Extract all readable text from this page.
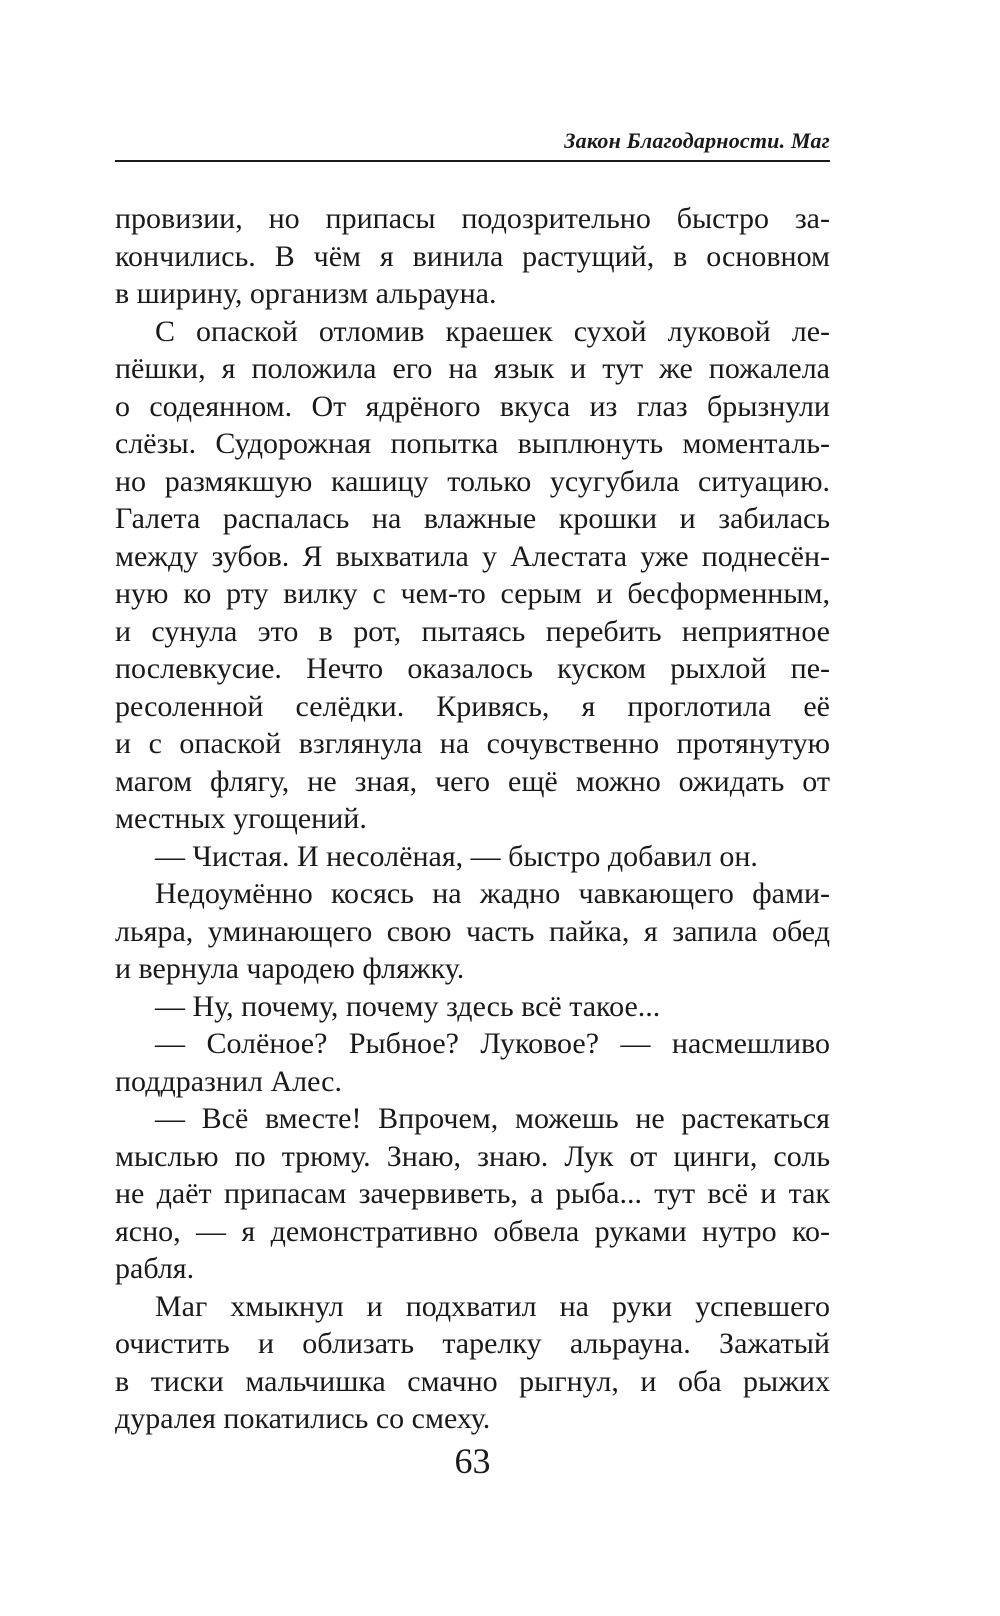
Закон Благодарности. Маг
провизии, но припасы подозрительно быстро за-
кончились. В чём я винила растущий, в основном
в ширину, организм альрауна.
С опаской отломив краешек сухой луковой ле-
пёшки, я положила его на язык и тут же пожалела
о содеянном. От ядрёного вкуса из глаз брызнули
слёзы. Судорожная попытка выплюнуть моменталь-
но размякшую кашицу только усугубила ситуацию.
Галета распалась на влажные крошки и забилась
между зубов. Я выхватила у Алестата уже поднесён-
ную ко рту вилку с чем-то серым и бесформенным,
и сунула это в рот, пытаясь перебить неприятное
послевкусие. Нечто оказалось куском рыхлой пе-
ресоленной селёдки. Кривясь, я проглотила её
и с опаской взглянула на сочувственно протянутую
магом флягу, не зная, чего ещё можно ожидать от
местных угощений.
— Чистая. И несолёная, — быстро добавил он.
Недоумённо косясь на жадно чавкающего фами-
льяра, уминающего свою часть пайка, я запила обед
и вернула чародею фляжку.
— Ну, почему, почему здесь всё такое...
— Солёное? Рыбное? Луковое? — насмешливо
поддразнил Алес.
— Всё вместе! Впрочем, можешь не растекаться
мыслью по трюму. Знаю, знаю. Лук от цинги, соль
не даёт припасам зачервиветь, а рыба... тут всё и так
ясно, — я демонстративно обвела руками нутро ко-
рабля.
Маг хмыкнул и подхватил на руки успевшего
очистить и облизать тарелку альрауна. Зажатый
в тиски мальчишка смачно рыгнул, и оба рыжих
дуралея покатились со смеху.
63
